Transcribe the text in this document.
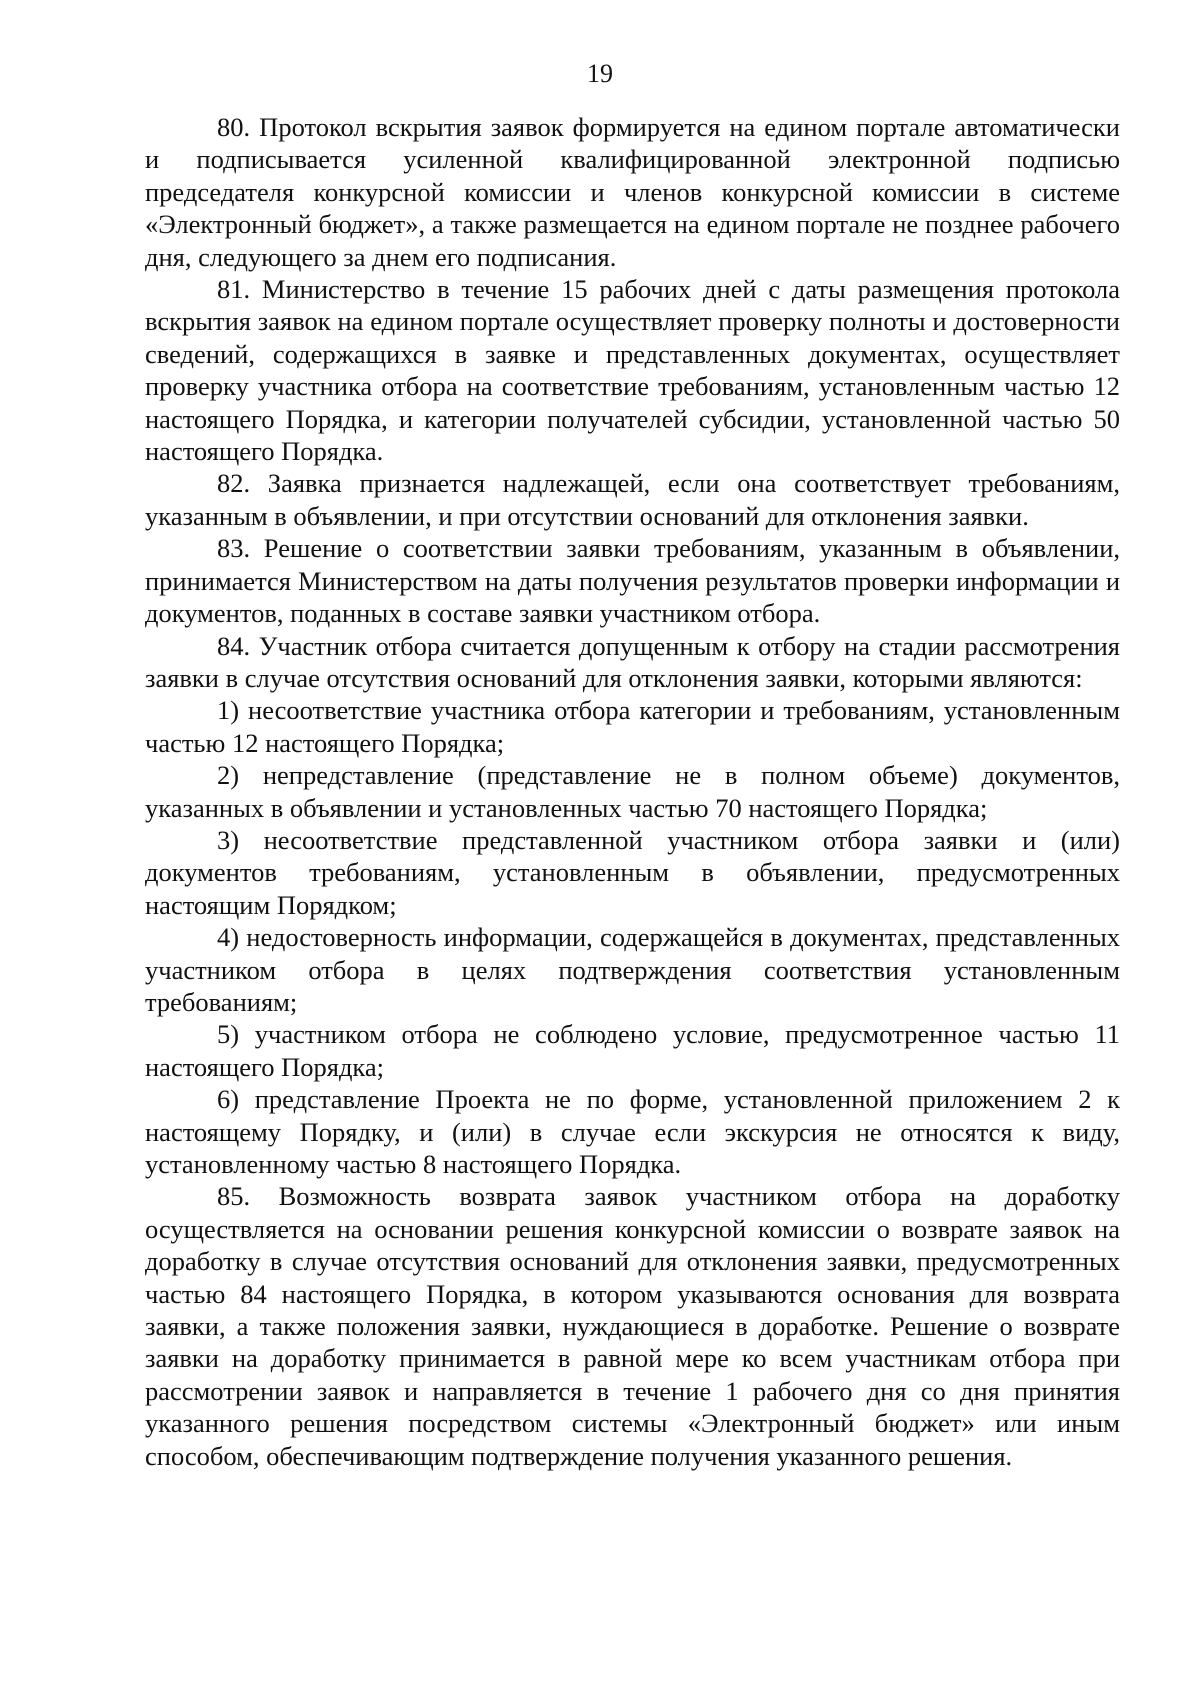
19

80. Протокол вскрытия заявок формируется на едином портале автоматически и подписывается усиленной квалифицированной электронной подписью председателя конкурсной комиссии и членов конкурсной комиссии в системе «Электронный бюджет», а также размещается на едином портале не позднее рабочего дня, следующего за днем его подписания.

81. Министерство в течение 15 рабочих дней с даты размещения протокола вскрытия заявок на едином портале осуществляет проверку полноты и достоверности сведений, содержащихся в заявке и представленных документах, осуществляет проверку участника отбора на соответствие требованиям, установленным частью 12 настоящего Порядка, и категории получателей субсидии, установленной частью 50 настоящего Порядка.

82. Заявка признается надлежащей, если она соответствует требованиям, указанным в объявлении, и при отсутствии оснований для отклонения заявки.

83. Решение о соответствии заявки требованиям, указанным в объявлении, принимается Министерством на даты получения результатов проверки информации и документов, поданных в составе заявки участником отбора.

84. Участник отбора считается допущенным к отбору на стадии рассмотрения заявки в случае отсутствия оснований для отклонения заявки, которыми являются:

1) несоответствие участника отбора категории и требованиям, установленным частью 12 настоящего Порядка;

2) непредставление (представление не в полном объеме) документов, указанных в объявлении и установленных частью 70 настоящего Порядка;

3) несоответствие представленной участником отбора заявки и (или) документов требованиям, установленным в объявлении, предусмотренных настоящим Порядком;

4) недостоверность информации, содержащейся в документах, представленных участником отбора в целях подтверждения соответствия установленным требованиям;

5) участником отбора не соблюдено условие, предусмотренное частью 11 настоящего Порядка;

6) представление Проекта не по форме, установленной приложением 2 к настоящему Порядку, и (или) в случае если экскурсия не относятся к виду, установленному частью 8 настоящего Порядка.

85. Возможность возврата заявок участником отбора на доработку осуществляется на основании решения конкурсной комиссии о возврате заявок на доработку в случае отсутствия оснований для отклонения заявки, предусмотренных частью 84 настоящего Порядка, в котором указываются основания для возврата заявки, а также положения заявки, нуждающиеся в доработке. Решение о возврате заявки на доработку принимается в равной мере ко всем участникам отбора при рассмотрении заявок и направляется в течение 1 рабочего дня со дня принятия указанного решения посредством системы «Электронный бюджет» или иным способом, обеспечивающим подтверждение получения указанного решения.
